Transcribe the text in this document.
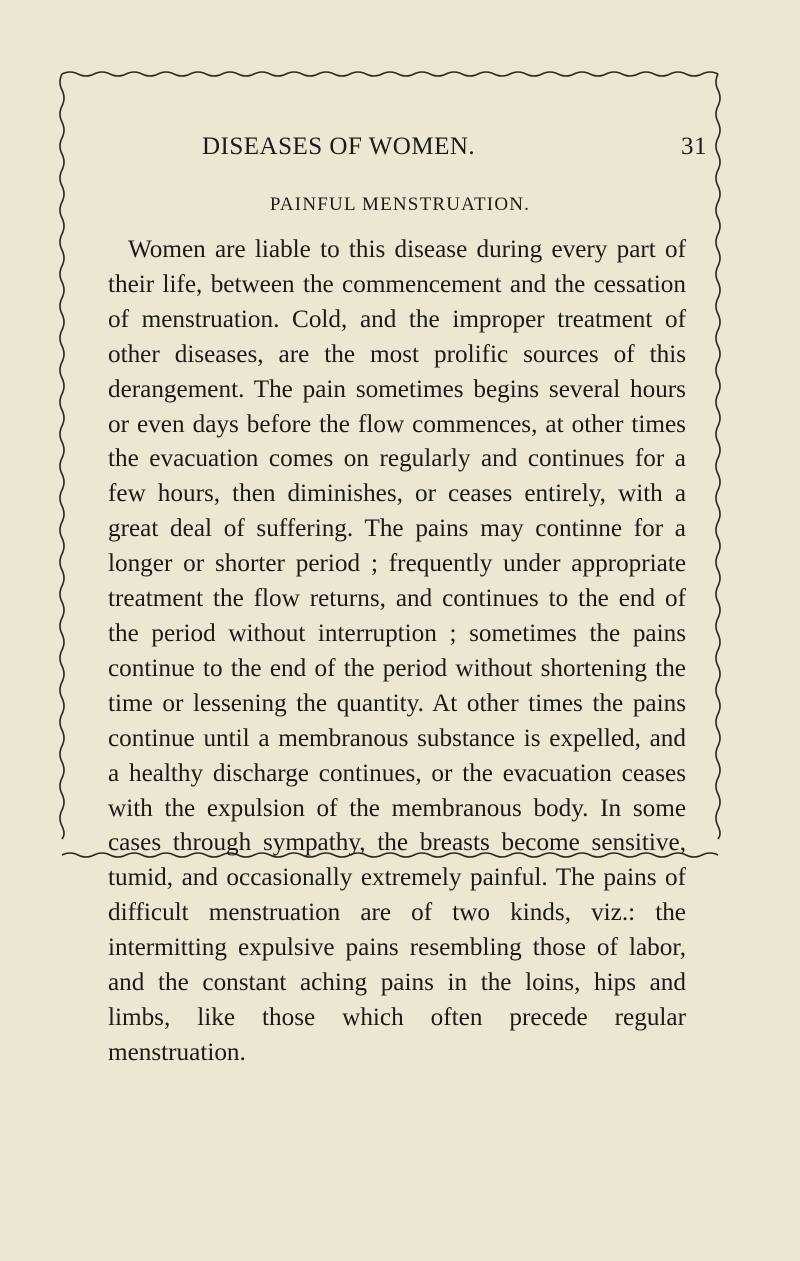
DISEASES OF WOMEN.	31
PAINFUL MENSTRUATION.

Women are liable to this disease during every part of their life, between the commencement and the cessation of menstruation. Cold, and the improper treatment of other diseases, are the most prolific sources of this derangement. The pain sometimes begins several hours or even days before the flow commences, at other times the evacuation comes on regularly and continues for a few hours, then diminishes, or ceases entirely, with a great deal of suffering. The pains may continne for a longer or shorter period ; frequently under appropriate treatment the flow returns, and continues to the end of the period without interruption ; sometimes the pains continue to the end of the period without shortening the time or lessening the quantity. At other times the pains continue until a membranous substance is expelled, and a healthy discharge continues, or the evacuation ceases with the expulsion of the membranous body. In some cases through sympathy, the breasts become sensitive, tumid, and occasionally extremely painful. The pains of difficult menstruation are of two kinds, viz.: the intermitting expulsive pains resembling those of labor, and the constant aching pains in the loins, hips and limbs, like those which often precede regular menstruation.
